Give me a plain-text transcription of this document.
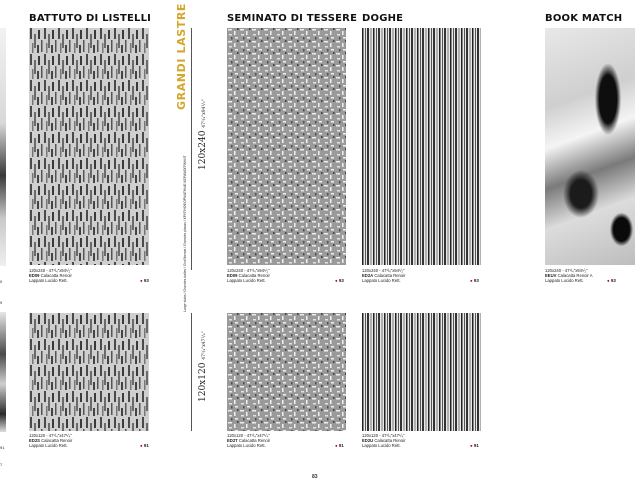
BATTUTO DI LISTELLI	SEMINATO DI TESSERE DOGHE	BOOK MATCH
0
9
91
7
120x240 - 47¹/₄"x94¹/₂"
ED09 Calacatta Renoir
Lappato Lucido Rett.	● 93
120x240 - 47¹/₄"x94¹/₂"
ED09 Calacatta Renoir
Lappato Lucido Rett.	● 93
120x240 - 47¹/₄"x94¹/₂"
ED2A Calacatta Renoir
Lappato Lucido Rett.	● 93
120x240 - 47¹/₄"x94¹/₂"
EEUV Calacatta Renoir A
Lappato Lucido Rett.	● 93
120x120 - 47¹/₄"x47¹/₄"
ED2S Calacatta Renoir
Lappato Lucido Rett.	● 91
120x120 - 47¹/₄"x47¹/₄"
ED2T Calacatta Renoir
Lappato Lucido Rett.	● 91
120x120 - 47¹/₄"x47¹/₄"
ED2U Calacatta Renoir
Lappato Lucido Rett.	● 91
GRANDI LASTRE
Large slabs / Grandes dalles / Großformat / Grandes placas / КРУПНОФОРМАТНЫЕ КЕРАМОГРАНИТ
120x240 47¹/₄"x94¹/₂"
120x120 47¹/₄"x47¹/₄"
83
